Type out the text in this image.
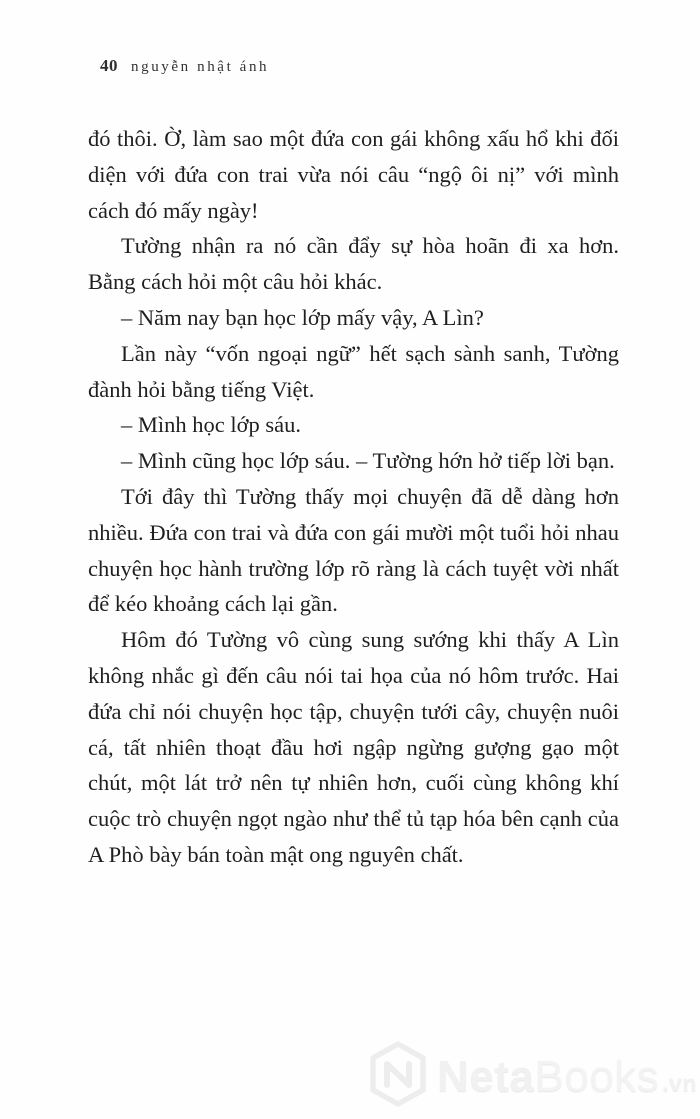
40 nguyễn nhật ánh

đó thôi. Ờ, làm sao một đứa con gái không xấu hổ khi đối diện với đứa con trai vừa nói câu “ngộ ôi nị” với mình cách đó mấy ngày!

Tường nhận ra nó cần đẩy sự hòa hoãn đi xa hơn. Bằng cách hỏi một câu hỏi khác.

– Năm nay bạn học lớp mấy vậy, A Lìn?

Lần này “vốn ngoại ngữ” hết sạch sành sanh, Tường đành hỏi bằng tiếng Việt.

– Mình học lớp sáu.

– Mình cũng học lớp sáu. – Tường hớn hở tiếp lời bạn.

Tới đây thì Tường thấy mọi chuyện đã dễ dàng hơn nhiều. Đứa con trai và đứa con gái mười một tuổi hỏi nhau chuyện học hành trường lớp rõ ràng là cách tuyệt vời nhất để kéo khoảng cách lại gần.

Hôm đó Tường vô cùng sung sướng khi thấy A Lìn không nhắc gì đến câu nói tai họa của nó hôm trước. Hai đứa chỉ nói chuyện học tập, chuyện tưới cây, chuyện nuôi cá, tất nhiên thoạt đầu hơi ngập ngừng gượng gạo một chút, một lát trở nên tự nhiên hơn, cuối cùng không khí cuộc trò chuyện ngọt ngào như thể tủ tạp hóa bên cạnh của A Phò bày bán toàn mật ong nguyên chất.

NetaBooks .vn
